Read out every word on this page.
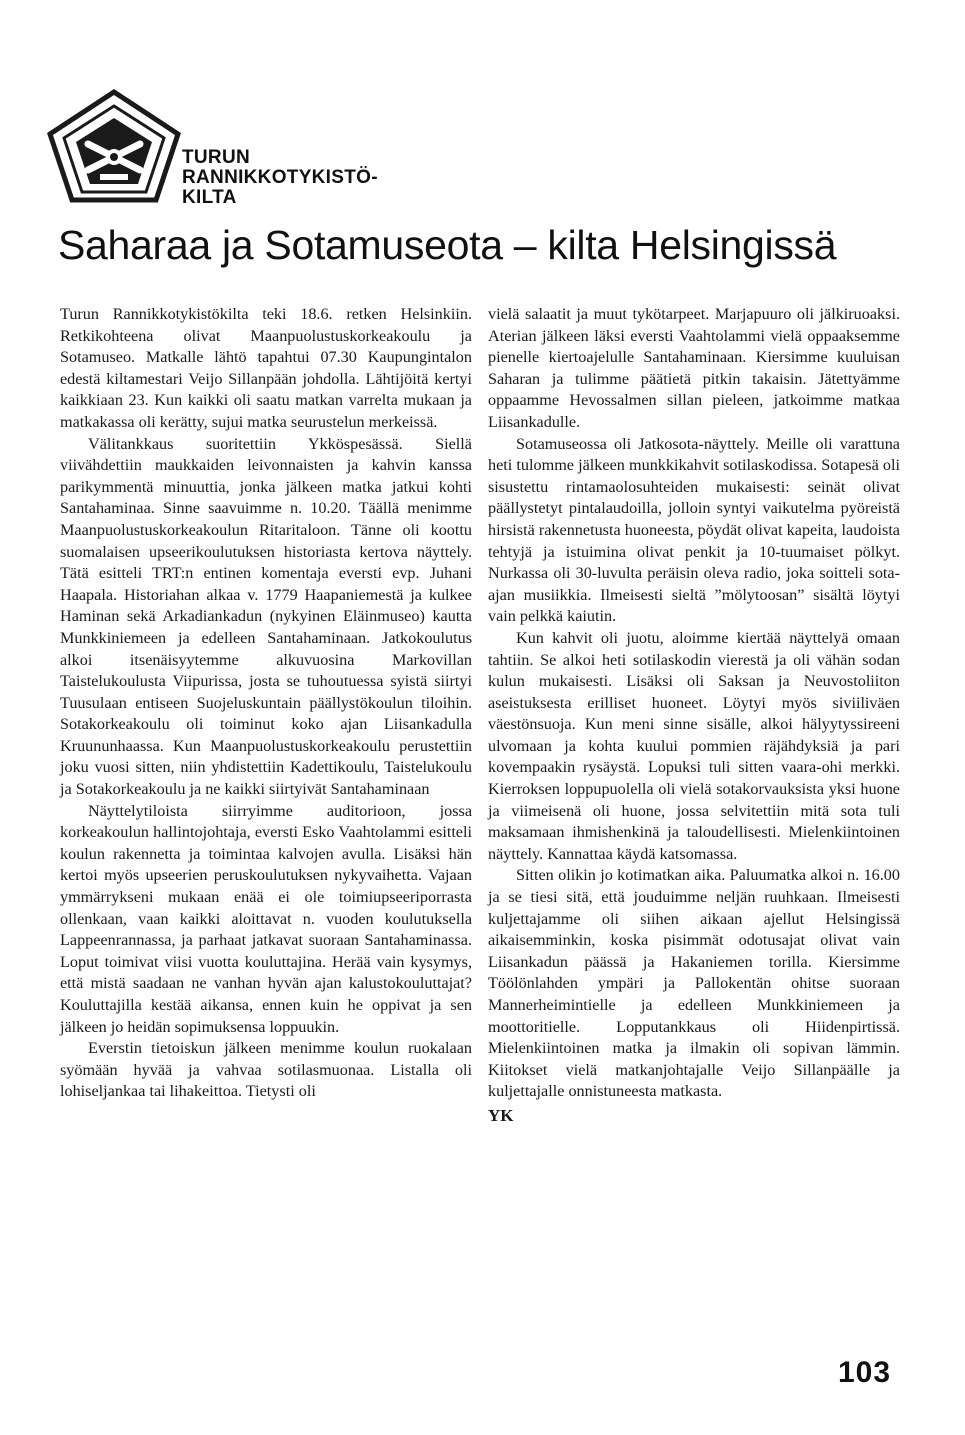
TURUN
RANNIKKOTYKISTÖ-
KILTA
Saharaa ja Sotamuseota – kilta Helsingissä

Turun Rannikkotykistökilta teki 18.6. retken Helsinkiin. Retkikohteena olivat Maanpuolustuskorkeakoulu ja Sotamuseo. Matkalle lähtö tapahtui 07.30 Kaupungintalon edestä kiltamestari Veijo Sillanpään johdolla. Lähtijöitä kertyi kaikkiaan 23. Kun kaikki oli saatu matkan varrelta mukaan ja matkakassa oli kerätty, sujui matka seurustelun merkeissä.

Välitankkaus suoritettiin Ykköspesässä. Siellä viivähdettiin maukkaiden leivonnaisten ja kahvin kanssa parikymmentä minuuttia, jonka jälkeen matka jatkui kohti Santahaminaa. Sinne saavuimme n. 10.20. Täällä menimme Maanpuolustuskorkeakoulun Ritaritaloon. Tänne oli koottu suomalaisen upseerikoulutuksen historiasta kertova näyttely. Tätä esitteli TRT:n entinen komentaja eversti evp. Juhani Haapala. Historiahan alkaa v. 1779 Haapaniemestä ja kulkee Haminan sekä Arkadiankadun (nykyinen Eläinmuseo) kautta Munkkiniemeen ja edelleen Santahaminaan. Jatkokoulutus alkoi itsenäisyytemme alkuvuosina Markovillan Taistelukoulusta Viipurissa, josta se tuhoutuessa syistä siirtyi Tuusulaan entiseen Suojeluskuntain päällystökoulun tiloihin. Sotakorkeakoulu oli toiminut koko ajan Liisankadulla Kruununhaassa. Kun Maanpuolustuskorkeakoulu perustettiin joku vuosi sitten, niin yhdistettiin Kadettikoulu, Taistelukoulu ja Sotakorkeakoulu ja ne kaikki siirtyivät Santahaminaan

Näyttelytiloista siirryimme auditorioon, jossa korkeakoulun hallintojohtaja, eversti Esko Vaahtolammi esitteli koulun rakennetta ja toimintaa kalvojen avulla. Lisäksi hän kertoi myös upseerien peruskoulutuksen nykyvaihetta. Vajaan ymmärrykseni mukaan enää ei ole toimiupseeriporrasta ollenkaan, vaan kaikki aloittavat n. vuoden koulutuksella Lappeenrannassa, ja parhaat jatkavat suoraan Santahaminassa. Loput toimivat viisi vuotta kouluttajina. Herää vain kysymys, että mistä saadaan ne vanhan hyvän ajan kalustokouluttajat? Kouluttajilla kestää aikansa, ennen kuin he oppivat ja sen jälkeen jo heidän sopimuksensa loppuukin.

Everstin tietoiskun jälkeen menimme koulun ruokalaan syömään hyvää ja vahvaa sotilasmuonaa. Listalla oli lohiseljankaa tai lihakeittoa. Tietysti oli

vielä salaatit ja muut tykötarpeet. Marjapuuro oli jälkiruoaksi. Aterian jälkeen läksi eversti Vaahtolammi vielä oppaaksemme pienelle kiertoajelulle Santahaminaan. Kiersimme kuuluisan Saharan ja tulimme päätietä pitkin takaisin. Jätettyämme oppaamme Hevossalmen sillan pieleen, jatkoimme matkaa Liisankadulle.

Sotamuseossa oli Jatkosota-näyttely. Meille oli varattuna heti tulomme jälkeen munkkikahvit sotilaskodissa. Sotapesä oli sisustettu rintamaolosuhteiden mukaisesti: seinät olivat päällystetyt pintalaudoilla, jolloin syntyi vaikutelma pyöreistä hirsistä rakennetusta huoneesta, pöydät olivat kapeita, laudoista tehtyjä ja istuimina olivat penkit ja 10-tuumaiset pölkyt. Nurkassa oli 30-luvulta peräisin oleva radio, joka soitteli sota-ajan musiikkia. Ilmeisesti sieltä ”mölytoosan” sisältä löytyi vain pelkkä kaiutin.

Kun kahvit oli juotu, aloimme kiertää näyttelyä omaan tahtiin. Se alkoi heti sotilaskodin vierestä ja oli vähän sodan kulun mukaisesti. Lisäksi oli Saksan ja Neuvostoliiton aseistuksesta erilliset huoneet. Löytyi myös siviiliväen väestönsuoja. Kun meni sinne sisälle, alkoi hälyytyssireeni ulvomaan ja kohta kuului pommien räjähdyksiä ja pari kovempaakin rysäystä. Lopuksi tuli sitten vaara-ohi merkki. Kierroksen loppupuolella oli vielä sotakorvauksista yksi huone ja viimeisenä oli huone, jossa selvitettiin mitä sota tuli maksamaan ihmishenkinä ja taloudellisesti. Mielenkiintoinen näyttely. Kannattaa käydä katsomassa.

Sitten olikin jo kotimatkan aika. Paluumatka alkoi n. 16.00 ja se tiesi sitä, että jouduimme neljän ruuhkaan. Ilmeisesti kuljettajamme oli siihen aikaan ajellut Helsingissä aikaisemminkin, koska pisimmät odotusajat olivat vain Liisankadun päässä ja Hakaniemen torilla. Kiersimme Töölönlahden ympäri ja Pallokentän ohitse suoraan Mannerheimintielle ja edelleen Munkkiniemeen ja moottoritielle. Lopputankkaus oli Hiidenpirtissä. Mielenkiintoinen matka ja ilmakin oli sopivan lämmin. Kiitokset vielä matkanjohtajalle Veijo Sillanpäälle ja kuljettajalle onnistuneesta matkasta.

YK

103
